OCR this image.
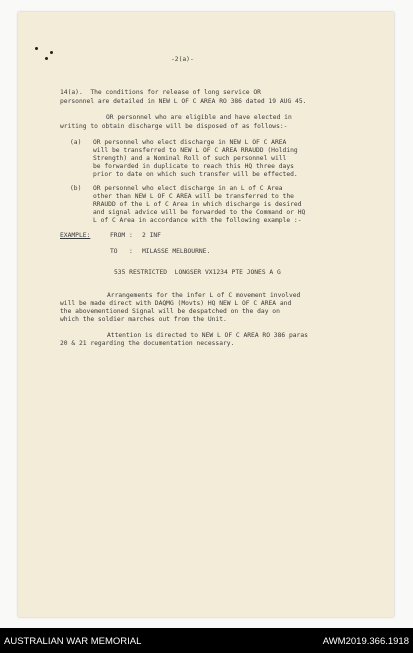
-2(a)-
14(a).  The conditions for release of long service OR
personnel are detailed in NEW L OF C AREA RO 386 dated 19 AUG 45.
OR personnel who are eligible and have elected in
writing to obtain discharge will be disposed of as follows:-
(a) OR personnel who elect discharge in NEW L OF C AREA
will be transferred to NEW L OF C AREA RRAUDD (Holding
Strength) and a Nominal Roll of such personnel will
be forwarded in duplicate to reach this HQ three days
prior to date on which such transfer will be effected.
(b) OR personnel who elect discharge in an L of C Area
other than NEW L OF C AREA will be transferred to the
RRAUDD of the L of C Area in which discharge is desired
and signal advice will be forwarded to the Command or HQ
L of C Area in accordance with the following example :-
EXAMPLE:	FROM : 2 INF
TO   : MILASSE MELBOURNE.
535 RESTRICTED  LONGSER VX1234 PTE JONES A G
Arrangements for the infer L of C movement involved
will be made direct with DAQMG (Movts) HQ NEW L OF C AREA and
the abovementioned Signal will be despatched on the day on
which the soldier marches out from the Unit.
Attention is directed to NEW L OF C AREA RO 386 paras
20 & 21 regarding the documentation necessary.
AUSTRALIAN WAR MEMORIAL	AWM2019.366.1918
